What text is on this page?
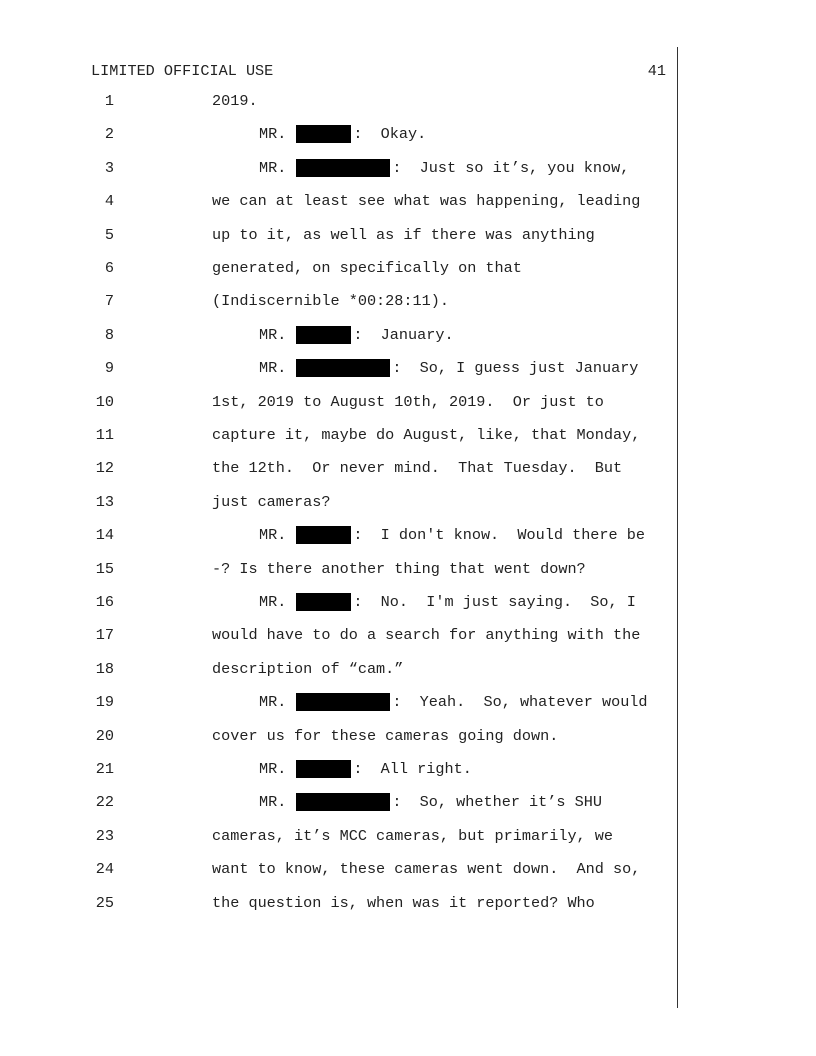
LIMITED OFFICIAL USE	41
1	2019.
2	MR.	:  Okay.
3	MR.	:  Just so it’s, you know,
4	we can at least see what was happening, leading
5	up to it, as well as if there was anything
6	generated, on specifically on that
7	(Indiscernible *00:28:11).
8	MR.	:  January.
9	MR.	:  So, I guess just January
10	1st, 2019 to August 10th, 2019.  Or just to
11	capture it, maybe do August, like, that Monday,
12	the 12th.  Or never mind.  That Tuesday.  But
13	just cameras?
14	MR.	:  I don't know.  Would there be
15	-? Is there another thing that went down?
16	MR.	:  No.  I'm just saying.  So, I
17	would have to do a search for anything with the
18	description of “cam.”
19	MR.	:  Yeah.  So, whatever would
20	cover us for these cameras going down.
21	MR.	:  All right.
22	MR.	:  So, whether it’s SHU
23	cameras, it’s MCC cameras, but primarily, we
24	want to know, these cameras went down.  And so,
25	the question is, when was it reported? Who
